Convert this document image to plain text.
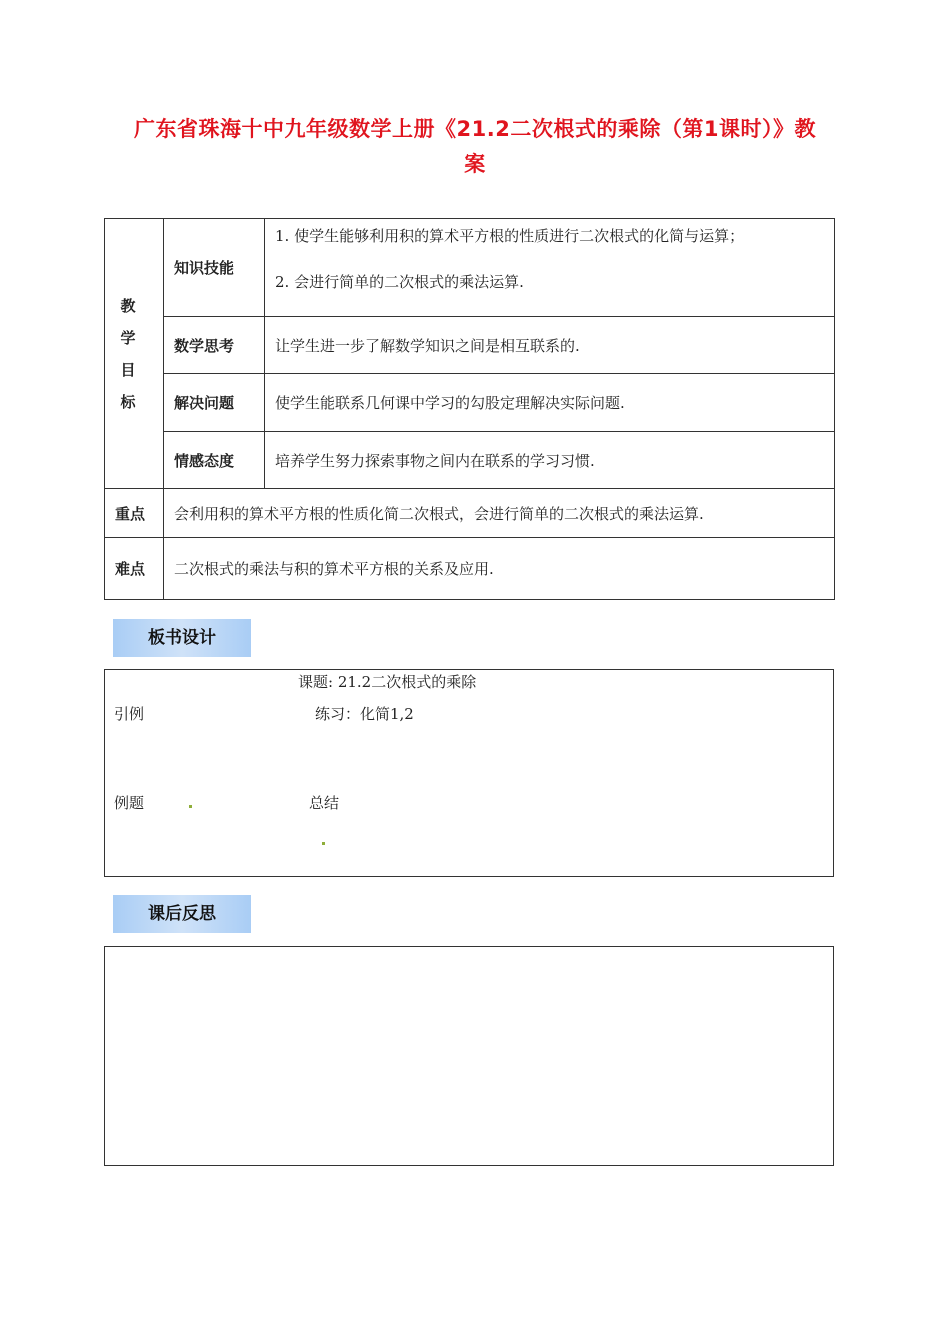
广东省珠海十中九年级数学上册《21.2二次根式的乘除（第1课时）》教
案
教
学
目
标	知识技能	1. 使学生能够利用积的算术平方根的性质进行二次根式的化简与运算；
2. 会进行简单的二次根式的乘法运算.

	数学思考	让学生进一步了解数学知识之间是相互联系的.
	解决问题	使学生能联系几何课中学习的勾股定理解决实际问题.
	情感态度	培养学生努力探索事物之间内在联系的学习习惯.
重点	会利用积的算术平方根的性质化简二次根式，会进行简单的二次根式的乘法运算.	
难点	二次根式的乘法与积的算术平方根的关系及应用.	
板书设计
课题: 21.2二次根式的乘除
引例	练习：化简1,2
例题	总结
课后反思
